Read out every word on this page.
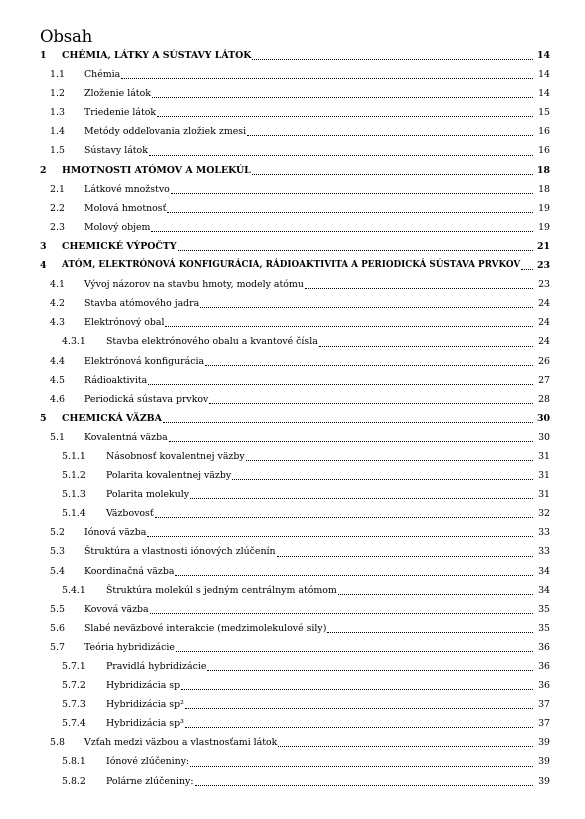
Obsah
1 CHÉMIA, LÁTKY A SÚSTAVY LÁTOK	14
1.1 Chémia	14
1.2 Zloženie látok	14
1.3 Triedenie látok	15
1.4 Metódy oddeľovania zložiek zmesi	16
1.5 Sústavy látok	16
2 HMOTNOSTI ATÓMOV A MOLEKÚL	18
2.1 Látkové množstvo	18
2.2 Molová hmotnosť	19
2.3 Molový objem	19
3 CHEMICKÉ VÝPOČTY	21
4 ATÓM, ELEKTRÓNOVÁ KONFIGURÁCIA, RÁDIOAKTIVITA A PERIODICKÁ SÚSTAVA PRVKOV 23
4.1 Vývoj názorov na stavbu hmoty, modely atómu	23
4.2 Stavba atómového jadra	24
4.3 Elektrónový obal	24
4.3.1 Stavba elektrónového obalu a kvantové čísla	24
4.4 Elektrónová konfigurácia	26
4.5 Rádioaktivita	27
4.6 Periodická sústava prvkov	28
5 CHEMICKÁ VÄZBA	30
5.1 Kovalentná väzba	30
5.1.1 Násobnosť kovalentnej väzby	31
5.1.2 Polarita kovalentnej väzby	31
5.1.3 Polarita molekuly	31
5.1.4 Väzbovosť	32
5.2 Iónová väzba	33
5.3 Štruktúra a vlastnosti iónových zlúčenín	33
5.4 Koordinačná väzba	34
5.4.1 Štruktúra molekúl s jedným centrálnym atómom	34
5.5 Kovová väzba	35
5.6 Slabé neväzbové interakcie (medzimolekulové sily)	35
5.7 Teória hybridizácie	36
5.7.1 Pravidlá hybridizácie	36
5.7.2 Hybridizácia sp	36
5.7.3 Hybridizácia sp²	37
5.7.4 Hybridizácia sp³	37
5.8 Vzťah medzi väzbou a vlastnosťami látok	39
5.8.1 Iónové zlúčeniny:	39
5.8.2 Polárne zlúčeniny:	39
